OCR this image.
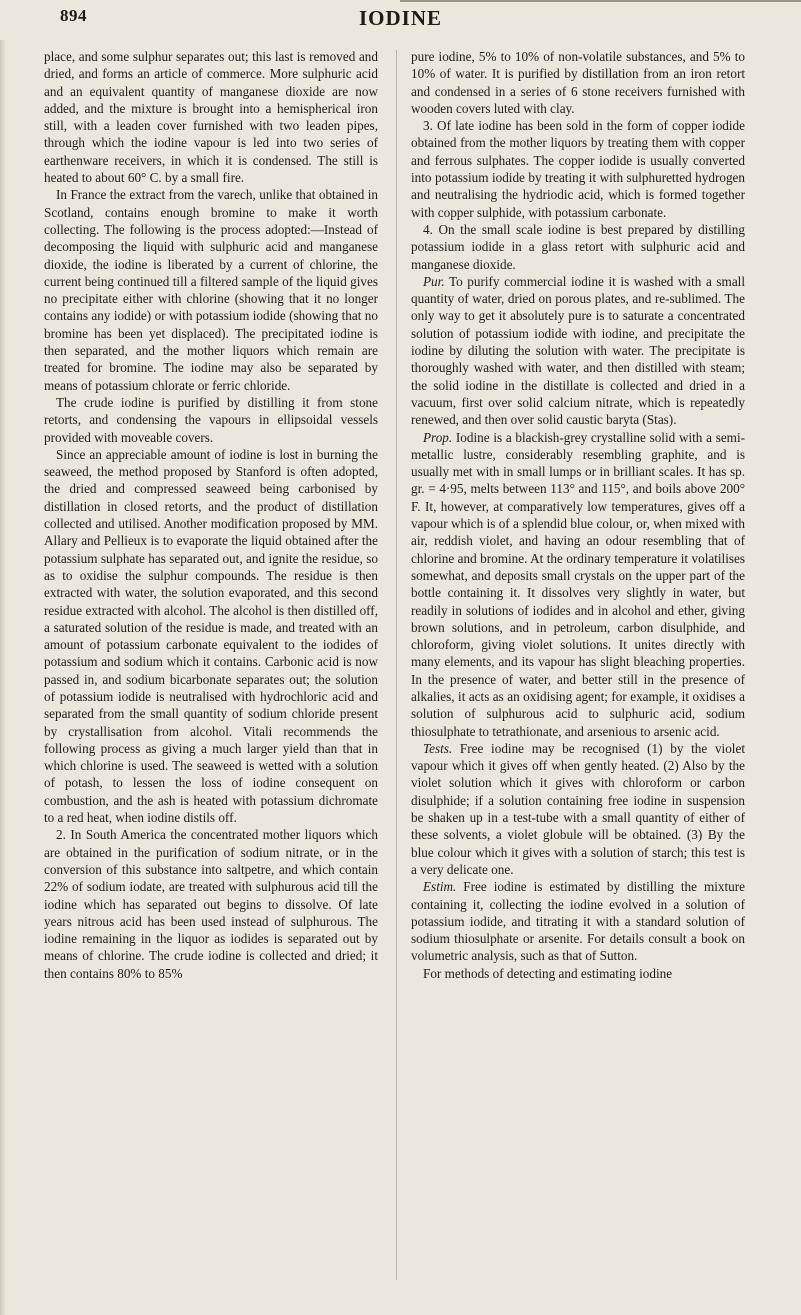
894	IODINE

place, and some sulphur separates out; this last is removed and dried, and forms an article of commerce. More sulphuric acid and an equivalent quantity of manganese dioxide are now added, and the mixture is brought into a hemispherical iron still, with a leaden cover furnished with two leaden pipes, through which the iodine vapour is led into two series of earthenware receivers, in which it is condensed. The still is heated to about 60° C. by a small fire.

In France the extract from the varech, unlike that obtained in Scotland, contains enough bromine to make it worth collecting. The following is the process adopted:—Instead of decomposing the liquid with sulphuric acid and manganese dioxide, the iodine is liberated by a current of chlorine, the current being continued till a filtered sample of the liquid gives no precipitate either with chlorine (showing that it no longer contains any iodide) or with potassium iodide (showing that no bromine has been yet displaced). The precipitated iodine is then separated, and the mother liquors which remain are treated for bromine. The iodine may also be separated by means of potassium chlorate or ferric chloride.

The crude iodine is purified by distilling it from stone retorts, and condensing the vapours in ellipsoidal vessels provided with moveable covers.

Since an appreciable amount of iodine is lost in burning the seaweed, the method proposed by Stanford is often adopted, the dried and compressed seaweed being carbonised by distillation in closed retorts, and the product of distillation collected and utilised. Another modification proposed by MM. Allary and Pellieux is to evaporate the liquid obtained after the potassium sulphate has separated out, and ignite the residue, so as to oxidise the sulphur compounds. The residue is then extracted with water, the solution evaporated, and this second residue extracted with alcohol. The alcohol is then distilled off, a saturated solution of the residue is made, and treated with an amount of potassium carbonate equivalent to the iodides of potassium and sodium which it contains. Carbonic acid is now passed in, and sodium bicarbonate separates out; the solution of potassium iodide is neutralised with hydrochloric acid and separated from the small quantity of sodium chloride present by crystallisation from alcohol. Vitali recommends the following process as giving a much larger yield than that in which chlorine is used. The seaweed is wetted with a solution of potash, to lessen the loss of iodine consequent on combustion, and the ash is heated with potassium dichromate to a red heat, when iodine distils off.

2. In South America the concentrated mother liquors which are obtained in the purification of sodium nitrate, or in the conversion of this substance into saltpetre, and which contain 22% of sodium iodate, are treated with sulphurous acid till the iodine which has separated out begins to dissolve. Of late years nitrous acid has been used instead of sulphurous. The iodine remaining in the liquor as iodides is separated out by means of chlorine. The crude iodine is collected and dried; it then contains 80% to 85%

pure iodine, 5% to 10% of non-volatile substances, and 5% to 10% of water. It is purified by distillation from an iron retort and condensed in a series of 6 stone receivers furnished with wooden covers luted with clay.

3. Of late iodine has been sold in the form of copper iodide obtained from the mother liquors by treating them with copper and ferrous sulphates. The copper iodide is usually converted into potassium iodide by treating it with sulphuretted hydrogen and neutralising the hydriodic acid, which is formed together with copper sulphide, with potassium carbonate.

4. On the small scale iodine is best prepared by distilling potassium iodide in a glass retort with sulphuric acid and manganese dioxide.

Pur. To purify commercial iodine it is washed with a small quantity of water, dried on porous plates, and re-sublimed. The only way to get it absolutely pure is to saturate a concentrated solution of potassium iodide with iodine, and precipitate the iodine by diluting the solution with water. The precipitate is thoroughly washed with water, and then distilled with steam; the solid iodine in the distillate is collected and dried in a vacuum, first over solid calcium nitrate, which is repeatedly renewed, and then over solid caustic baryta (Stas).

Prop. Iodine is a blackish-grey crystalline solid with a semi-metallic lustre, considerably resembling graphite, and is usually met with in small lumps or in brilliant scales. It has sp. gr. = 4·95, melts between 113° and 115°, and boils above 200° F. It, however, at comparatively low temperatures, gives off a vapour which is of a splendid blue colour, or, when mixed with air, reddish violet, and having an odour resembling that of chlorine and bromine. At the ordinary temperature it volatilises somewhat, and deposits small crystals on the upper part of the bottle containing it. It dissolves very slightly in water, but readily in solutions of iodides and in alcohol and ether, giving brown solutions, and in petroleum, carbon disulphide, and chloroform, giving violet solutions. It unites directly with many elements, and its vapour has slight bleaching properties. In the presence of water, and better still in the presence of alkalies, it acts as an oxidising agent; for example, it oxidises a solution of sulphurous acid to sulphuric acid, sodium thiosulphate to tetrathionate, and arsenious to arsenic acid.

Tests. Free iodine may be recognised (1) by the violet vapour which it gives off when gently heated. (2) Also by the violet solution which it gives with chloroform or carbon disulphide; if a solution containing free iodine in suspension be shaken up in a test-tube with a small quantity of either of these solvents, a violet globule will be obtained. (3) By the blue colour which it gives with a solution of starch; this test is a very delicate one.

Estim. Free iodine is estimated by distilling the mixture containing it, collecting the iodine evolved in a solution of potassium iodide, and titrating it with a standard solution of sodium thiosulphate or arsenite. For details consult a book on volumetric analysis, such as that of Sutton.

For methods of detecting and estimating iodine
